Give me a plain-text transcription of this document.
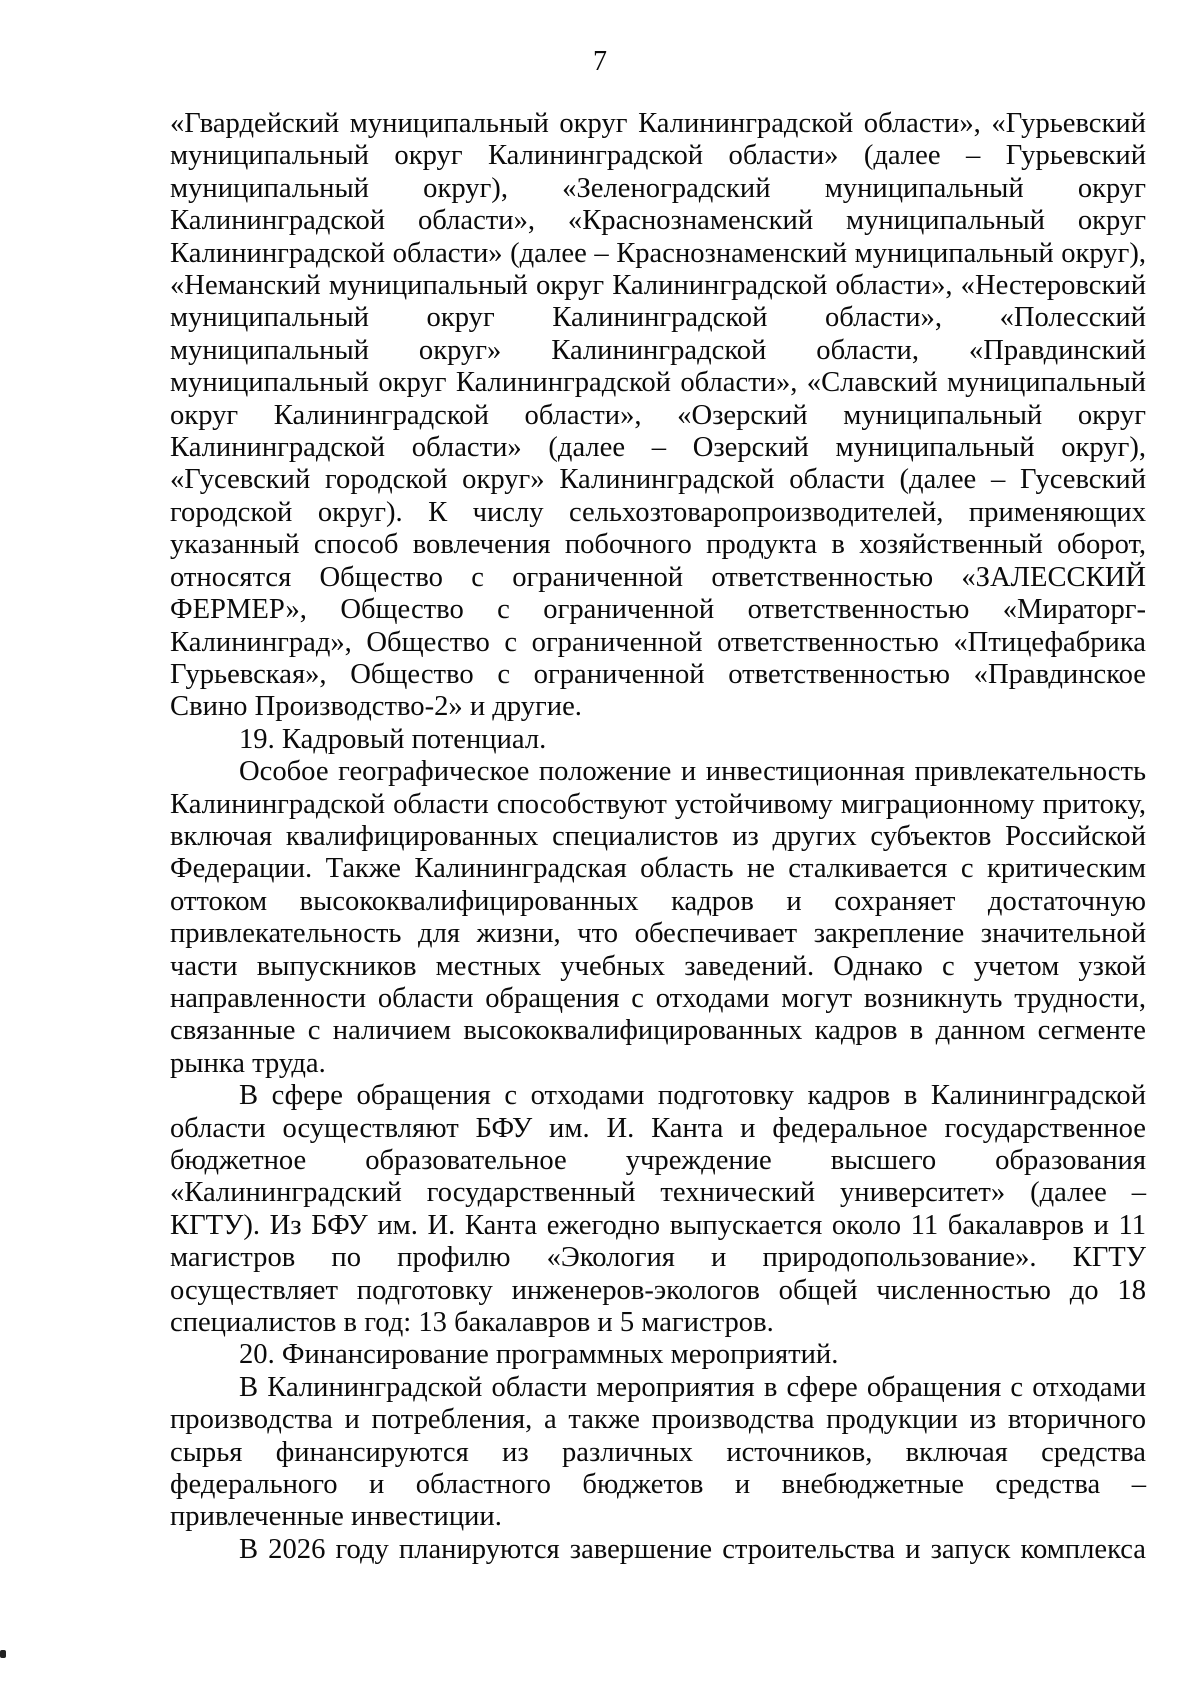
7

«Гвардейский муниципальный округ Калининградской области», «Гурьевский муниципальный округ Калининградской области» (далее – Гурьевский муниципальный округ), «Зеленоградский муниципальный округ Калининградской области», «Краснознаменский муниципальный округ Калининградской области» (далее – Краснознаменский муниципальный округ), «Неманский муниципальный округ Калининградской области», «Нестеровский муниципальный округ Калининградской области», «Полесский муниципальный округ» Калининградской области, «Правдинский муниципальный округ Калининградской области», «Славский муниципальный округ Калининградской области», «Озерский муниципальный округ Калининградской области» (далее – Озерский муниципальный округ), «Гусевский городской округ» Калининградской области (далее – Гусевский городской округ). К числу сельхозтоваропроизводителей, применяющих указанный способ вовлечения побочного продукта в хозяйственный оборот, относятся Общество с ограниченной ответственностью «ЗАЛЕССКИЙ ФЕРМЕР», Общество с ограниченной ответственностью «Мираторг-Калининград», Общество с ограниченной ответственностью «Птицефабрика Гурьевская», Общество с ограниченной ответственностью «Правдинское Свино Производство-2» и другие.

19. Кадровый потенциал.

Особое географическое положение и инвестиционная привлекательность Калининградской области способствуют устойчивому миграционному притоку, включая квалифицированных специалистов из других субъектов Российской Федерации. Также Калининградская область не сталкивается с критическим оттоком высококвалифицированных кадров и сохраняет достаточную привлекательность для жизни, что обеспечивает закрепление значительной части выпускников местных учебных заведений. Однако с учетом узкой направленности области обращения с отходами могут возникнуть трудности, связанные с наличием высококвалифицированных кадров в данном сегменте рынка труда.

В сфере обращения с отходами подготовку кадров в Калининградской области осуществляют БФУ им. И. Канта и федеральное государственное бюджетное образовательное учреждение высшего образования «Калининградский государственный технический университет» (далее – КГТУ). Из БФУ им. И. Канта ежегодно выпускается около 11 бакалавров и 11 магистров по профилю «Экология и природопользование». КГТУ осуществляет подготовку инженеров-экологов общей численностью до 18 специалистов в год: 13 бакалавров и 5 магистров.

20. Финансирование программных мероприятий.

В Калининградской области мероприятия в сфере обращения с отходами производства и потребления, а также производства продукции из вторичного сырья финансируются из различных источников, включая средства федерального и областного бюджетов и внебюджетные средства – привлеченные инвестиции.

В 2026 году планируются завершение строительства и запуск комплекса
